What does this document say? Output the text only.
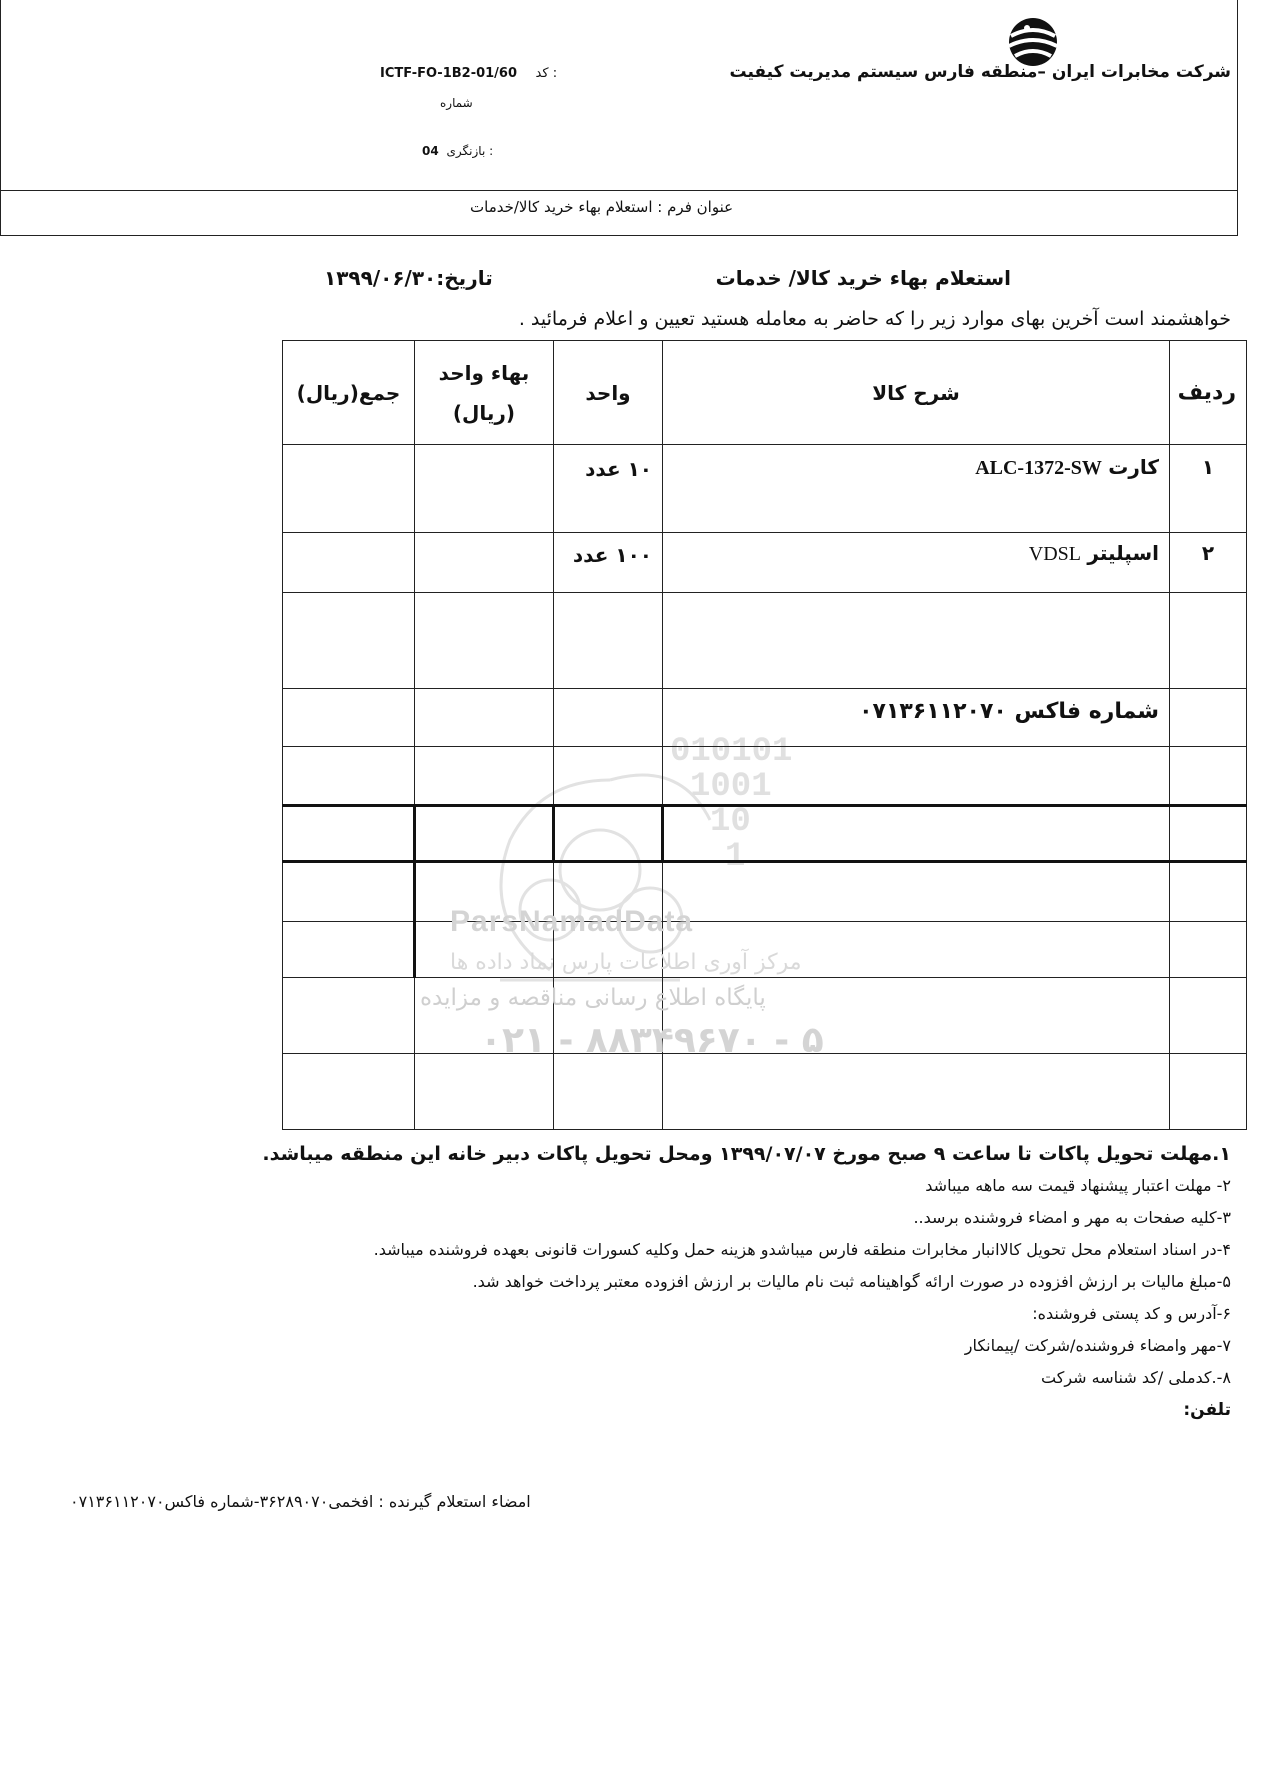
شرکت مخابرات ایران –منطقه فارس سیستم مدیریت کیفیت
ICTF-FO-1B2-01/60 کد :
شماره
04 بازنگری :
عنوان فرم : استعلام بهاء خرید کالا/خدمات
استعلام بهاء خرید کالا/ خدمات
تاریخ:۱۳۹۹/۰۶/۳۰
خواهشمند است آخرین بهای موارد زیر را که حاضر به معامله هستید تعیین و اعلام فرمائید .
010101
1001
10
1
ردیف	شرح کالا	واحد	بهاء واحد (ریال)	جمع(ریال)
۱	کارت ALC-1372-SW	۱۰ عدد		
۲	اسپلیتر VDSL	۱۰۰ عدد		

	شماره فاکس ۰۷۱۳۶۱۱۲۰۷۰			

ParsNamadData
مرکز آوری اطلاعات پارس نماد داده ها
پایگاه اطلاع رسانی مناقصه و مزایده
۰۲۱ - ۸۸۳۴۹۶۷۰ - ۵
۱.مهلت تحویل پاکات تا ساعت ۹ صبح مورخ ۱۳۹۹/۰۷/۰۷ ومحل تحویل پاکات دبیر خانه این منطقه میباشد.
۲- مهلت اعتبار پیشنهاد قیمت سه ماهه میباشد
۳-کلیه صفحات به مهر و امضاء فروشنده برسد..
۴-در اسناد استعلام محل تحویل کالاانبار مخابرات منطقه فارس میباشدو هزینه حمل وکلیه کسورات قانونی بعهده فروشنده میباشد.
۵-مبلغ مالیات بر ارزش افزوده در صورت ارائه گواهینامه ثبت نام مالیات بر ارزش افزوده معتبر پرداخت خواهد شد.
۶-آدرس و کد پستی فروشنده:
۷-مهر وامضاء فروشنده/شرکت /پیمانکار
۸-.کدملی /کد شناسه شرکت
تلفن:
امضاء استعلام گیرنده : افخمی۳۶۲۸۹۰۷۰-شماره فاکس۰۷۱۳۶۱۱۲۰۷۰
